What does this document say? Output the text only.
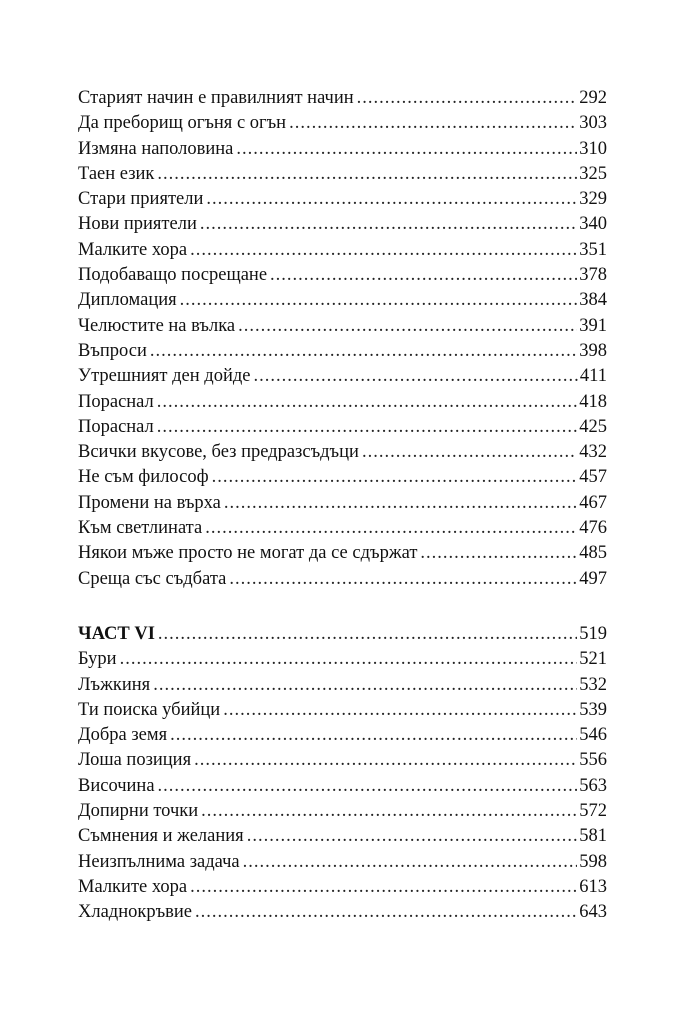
Старият начин е правилният начин .....	292
Да преборищ огъня с огън .....	303
Измяна наполовина .....	310
Таен език .....	325
Стари приятели .....	329
Нови приятели .....	340
Малките хора .....	351
Подобаващо посрещане .....	378
Дипломация .....	384
Челюстите на вълка .....	391
Въпроси .....	398
Утрешният ден дойде .....	411
Пораснал .....	418
Пораснал .....	425
Всички вкусове, без предразсъдъци .....	432
Не съм философ .....	457
Промени на върха .....	467
Към светлината .....	476
Някои мъже просто не могат да се сдържат .....	485
Среща със съдбата .....	497
ЧАСТ VI .....	519
Бури .....	521
Лъжкиня .....	532
Ти поиска убийци .....	539
Добра земя .....	546
Лоша позиция .....	556
Височина .....	563
Допирни точки .....	572
Съмнения и желания .....	581
Неизпълнима задача .....	598
Малките хора .....	613
Хладнокръвие .....	643
